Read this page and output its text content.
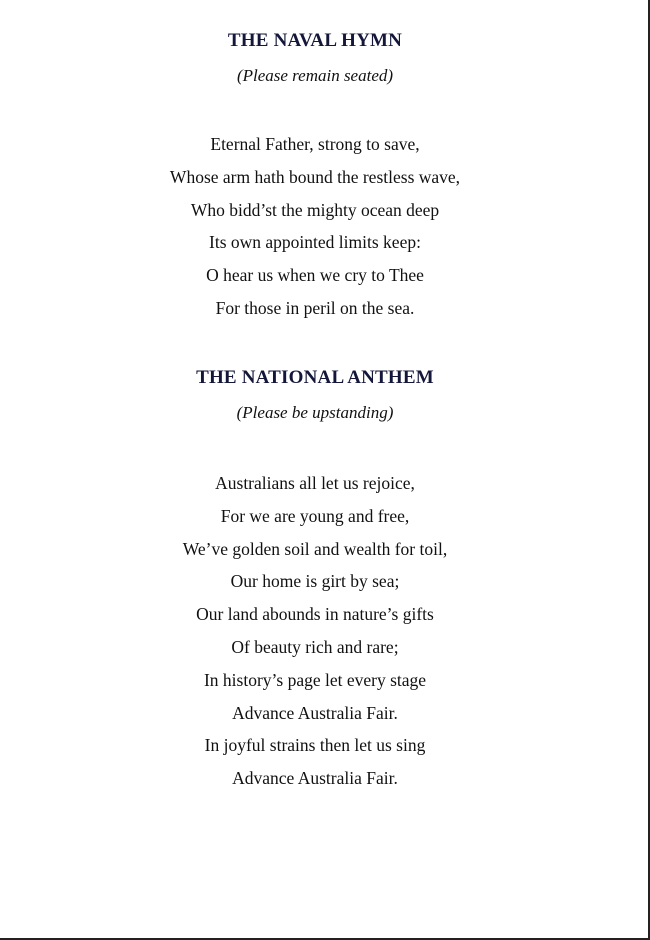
THE NAVAL HYMN

(Please remain seated)

Eternal Father, strong to save,
Whose arm hath bound the restless wave,
Who bidd’st the mighty ocean deep
Its own appointed limits keep:
O hear us when we cry to Thee
For those in peril on the sea.
THE NATIONAL ANTHEM

(Please be upstanding)

Australians all let us rejoice,
For we are young and free,
We’ve golden soil and wealth for toil,
Our home is girt by sea;
Our land abounds in nature’s gifts
Of beauty rich and rare;
In history’s page let every stage
Advance Australia Fair.
In joyful strains then let us sing
Advance Australia Fair.
